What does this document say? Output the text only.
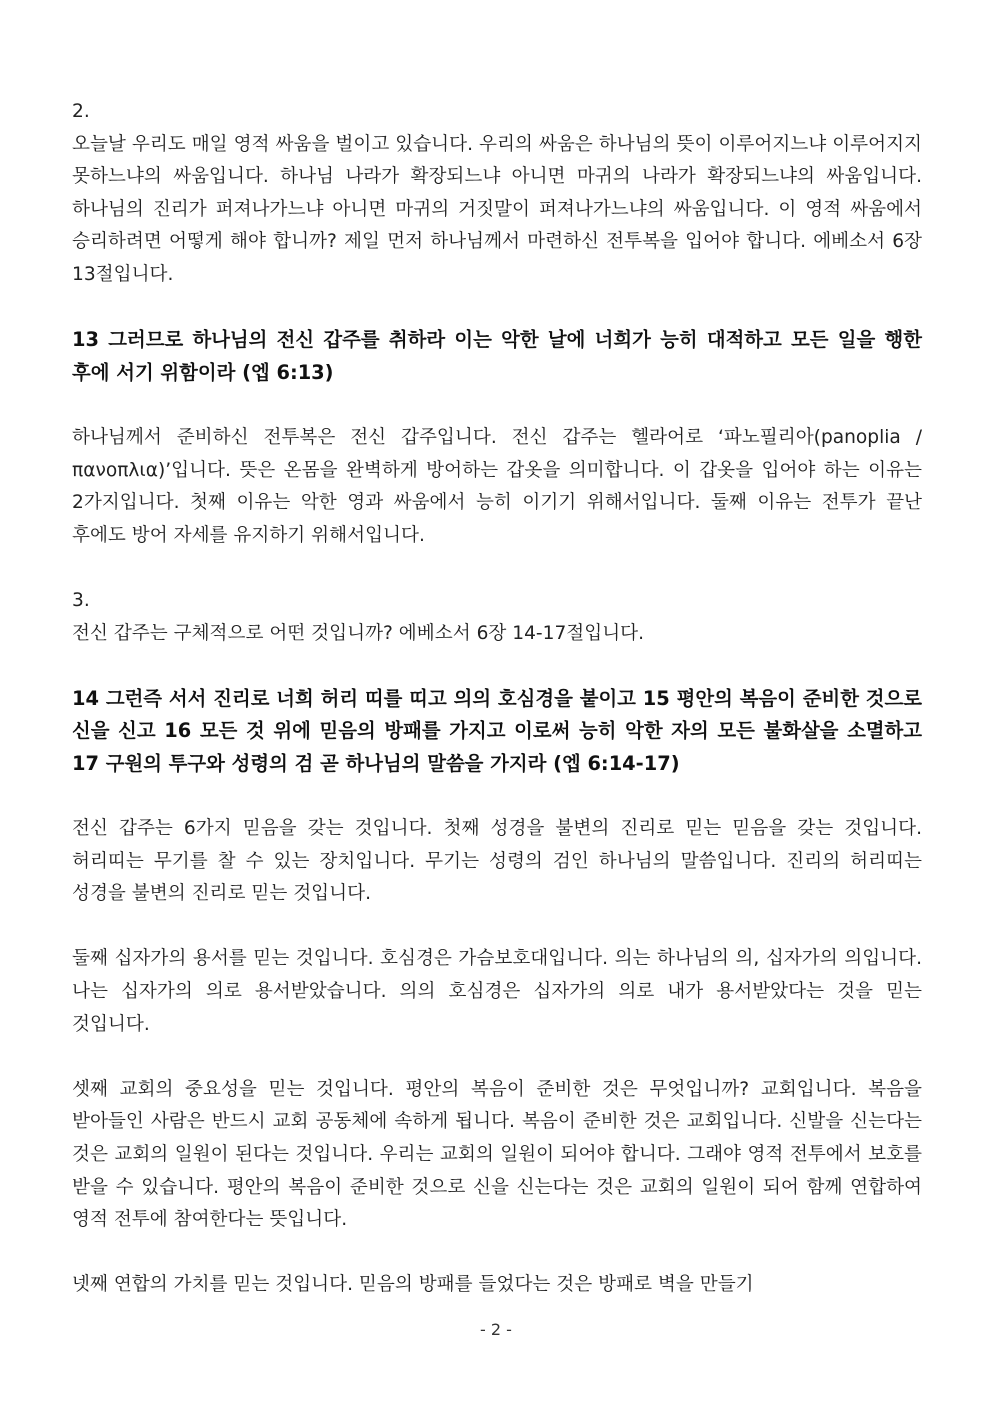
2.

오늘날 우리도 매일 영적 싸움을 벌이고 있습니다. 우리의 싸움은 하나님의 뜻이 이루어지느냐 이루어지지 못하느냐의 싸움입니다. 하나님 나라가 확장되느냐 아니면 마귀의 나라가 확장되느냐의 싸움입니다. 하나님의 진리가 퍼져나가느냐 아니면 마귀의 거짓말이 퍼져나가느냐의 싸움입니다. 이 영적 싸움에서 승리하려면 어떻게 해야 합니까? 제일 먼저 하나님께서 마련하신 전투복을 입어야 합니다. 에베소서 6장 13절입니다.

13 그러므로 하나님의 전신 갑주를 취하라 이는 악한 날에 너희가 능히 대적하고 모든 일을 행한 후에 서기 위함이라 (엡 6:13)

하나님께서 준비하신 전투복은 전신 갑주입니다. 전신 갑주는 헬라어로 ‘파노필리아(panoplia / πανοπλια)’입니다. 뜻은 온몸을 완벽하게 방어하는 갑옷을 의미합니다. 이 갑옷을 입어야 하는 이유는 2가지입니다. 첫째 이유는 악한 영과 싸움에서 능히 이기기 위해서입니다. 둘째 이유는 전투가 끝난 후에도 방어 자세를 유지하기 위해서입니다.

3.

전신 갑주는 구체적으로 어떤 것입니까? 에베소서 6장 14-17절입니다.

14 그런즉 서서 진리로 너희 허리 띠를 띠고 의의 호심경을 붙이고 15 평안의 복음이 준비한 것으로 신을 신고 16 모든 것 위에 믿음의 방패를 가지고 이로써 능히 악한 자의 모든 불화살을 소멸하고 17 구원의 투구와 성령의 검 곧 하나님의 말씀을 가지라 (엡 6:14-17)

전신 갑주는 6가지 믿음을 갖는 것입니다. 첫째 성경을 불변의 진리로 믿는 믿음을 갖는 것입니다. 허리띠는 무기를 찰 수 있는 장치입니다. 무기는 성령의 검인 하나님의 말씀입니다. 진리의 허리띠는 성경을 불변의 진리로 믿는 것입니다.

둘째 십자가의 용서를 믿는 것입니다. 호심경은 가슴보호대입니다. 의는 하나님의 의, 십자가의 의입니다. 나는 십자가의 의로 용서받았습니다. 의의 호심경은 십자가의 의로 내가 용서받았다는 것을 믿는 것입니다.

셋째 교회의 중요성을 믿는 것입니다. 평안의 복음이 준비한 것은 무엇입니까? 교회입니다. 복음을 받아들인 사람은 반드시 교회 공동체에 속하게 됩니다. 복음이 준비한 것은 교회입니다. 신발을 신는다는 것은 교회의 일원이 된다는 것입니다. 우리는 교회의 일원이 되어야 합니다. 그래야 영적 전투에서 보호를 받을 수 있습니다. 평안의 복음이 준비한 것으로 신을 신는다는 것은 교회의 일원이 되어 함께 연합하여 영적 전투에 참여한다는 뜻입니다.

넷째 연합의 가치를 믿는 것입니다. 믿음의 방패를 들었다는 것은 방패로 벽을 만들기

- 2 -
